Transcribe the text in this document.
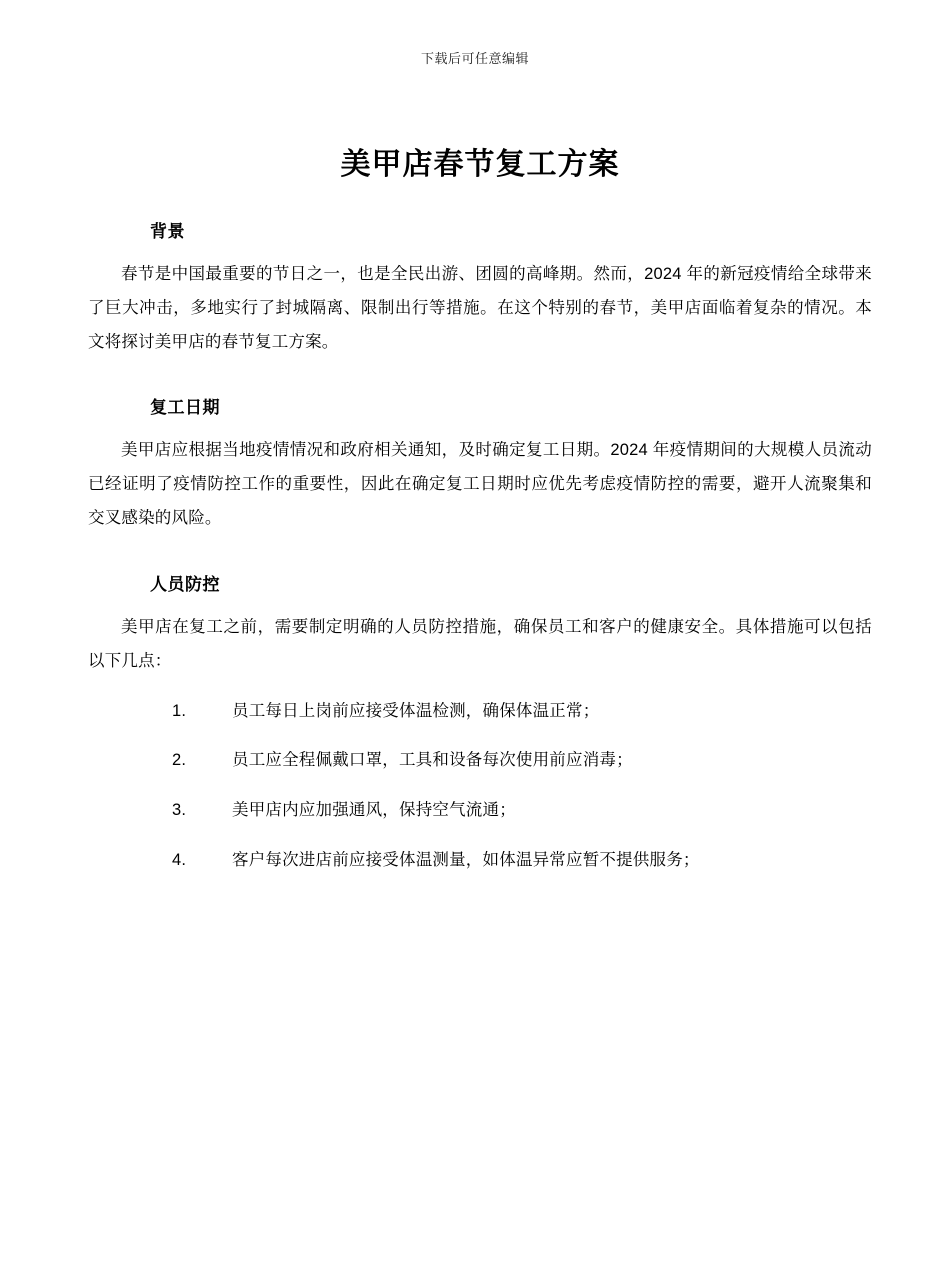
下载后可任意编辑
美甲店春节复工方案
背景

春节是中国最重要的节日之一，也是全民出游、团圆的高峰期。然而，2024 年的新冠疫情给全球带来了巨大冲击，多地实行了封城隔离、限制出行等措施。在这个特别的春节，美甲店面临着复杂的情况。本文将探讨美甲店的春节复工方案。

复工日期

美甲店应根据当地疫情情况和政府相关通知，及时确定复工日期。2024 年疫情期间的大规模人员流动已经证明了疫情防控工作的重要性，因此在确定复工日期时应优先考虑疫情防控的需要，避开人流聚集和交叉感染的风险。

人员防控

美甲店在复工之前，需要制定明确的人员防控措施，确保员工和客户的健康安全。具体措施可以包括以下几点：

1.	员工每日上岗前应接受体温检测，确保体温正常；
2.	员工应全程佩戴口罩，工具和设备每次使用前应消毒；
3.	美甲店内应加强通风，保持空气流通；
4.	客户每次进店前应接受体温测量，如体温异常应暂不提供服务；
